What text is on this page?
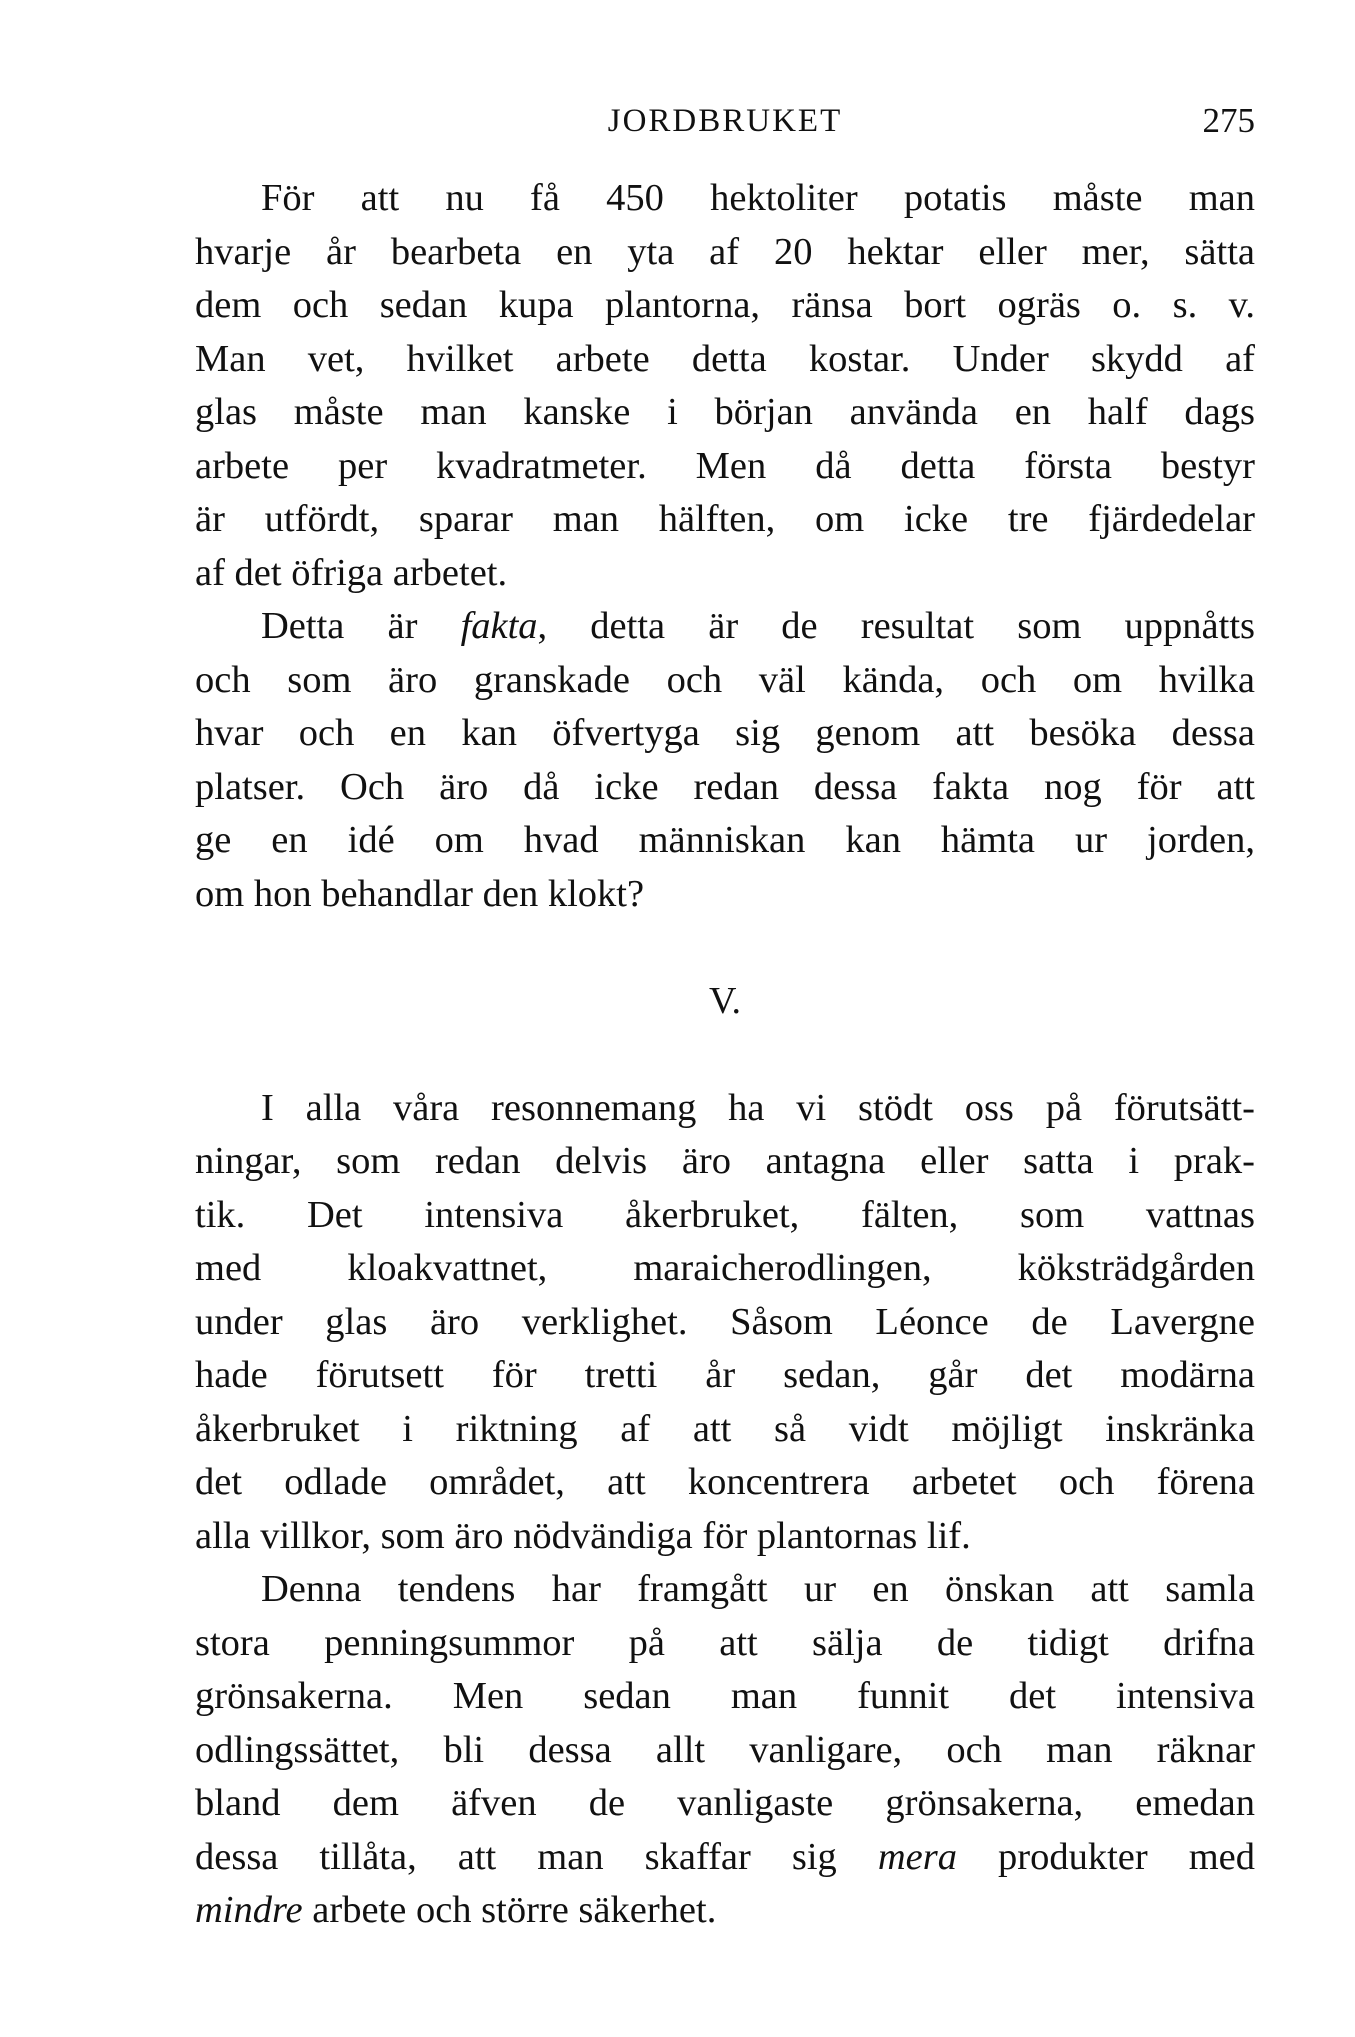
JORDBRUKET	275
För att nu få 450 hektoliter potatis måste man
hvarje år bearbeta en yta af 20 hektar eller mer, sätta
dem och sedan kupa plantorna, ränsa bort ogräs o. s. v.
Man vet, hvilket arbete detta kostar. Under skydd af
glas måste man kanske i början använda en half dags
arbete per kvadratmeter. Men då detta första bestyr
är utfördt, sparar man hälften, om icke tre fjärdedelar
af det öfriga arbetet.
Detta är fakta, detta är de resultat som uppnåtts
och som äro granskade och väl kända, och om hvilka
hvar och en kan öfvertyga sig genom att besöka dessa
platser. Och äro då icke redan dessa fakta nog för att
ge en idé om hvad människan kan hämta ur jorden,
om hon behandlar den klokt?

V.

I alla våra resonnemang ha vi stödt oss på förutsätt-
ningar, som redan delvis äro antagna eller satta i prak-
tik. Det intensiva åkerbruket, fälten, som vattnas
med kloakvattnet, maraicherodlingen, köksträdgården
under glas äro verklighet. Såsom Léonce de Lavergne
hade förutsett för tretti år sedan, går det modärna
åkerbruket i riktning af att så vidt möjligt inskränka
det odlade området, att koncentrera arbetet och förena
alla villkor, som äro nödvändiga för plantornas lif.
Denna tendens har framgått ur en önskan att samla
stora penningsummor på att sälja de tidigt drifna
grönsakerna. Men sedan man funnit det intensiva
odlingssättet, bli dessa allt vanligare, och man räknar
bland dem äfven de vanligaste grönsakerna, emedan
dessa tillåta, att man skaffar sig mera produkter med
mindre arbete och större säkerhet.
